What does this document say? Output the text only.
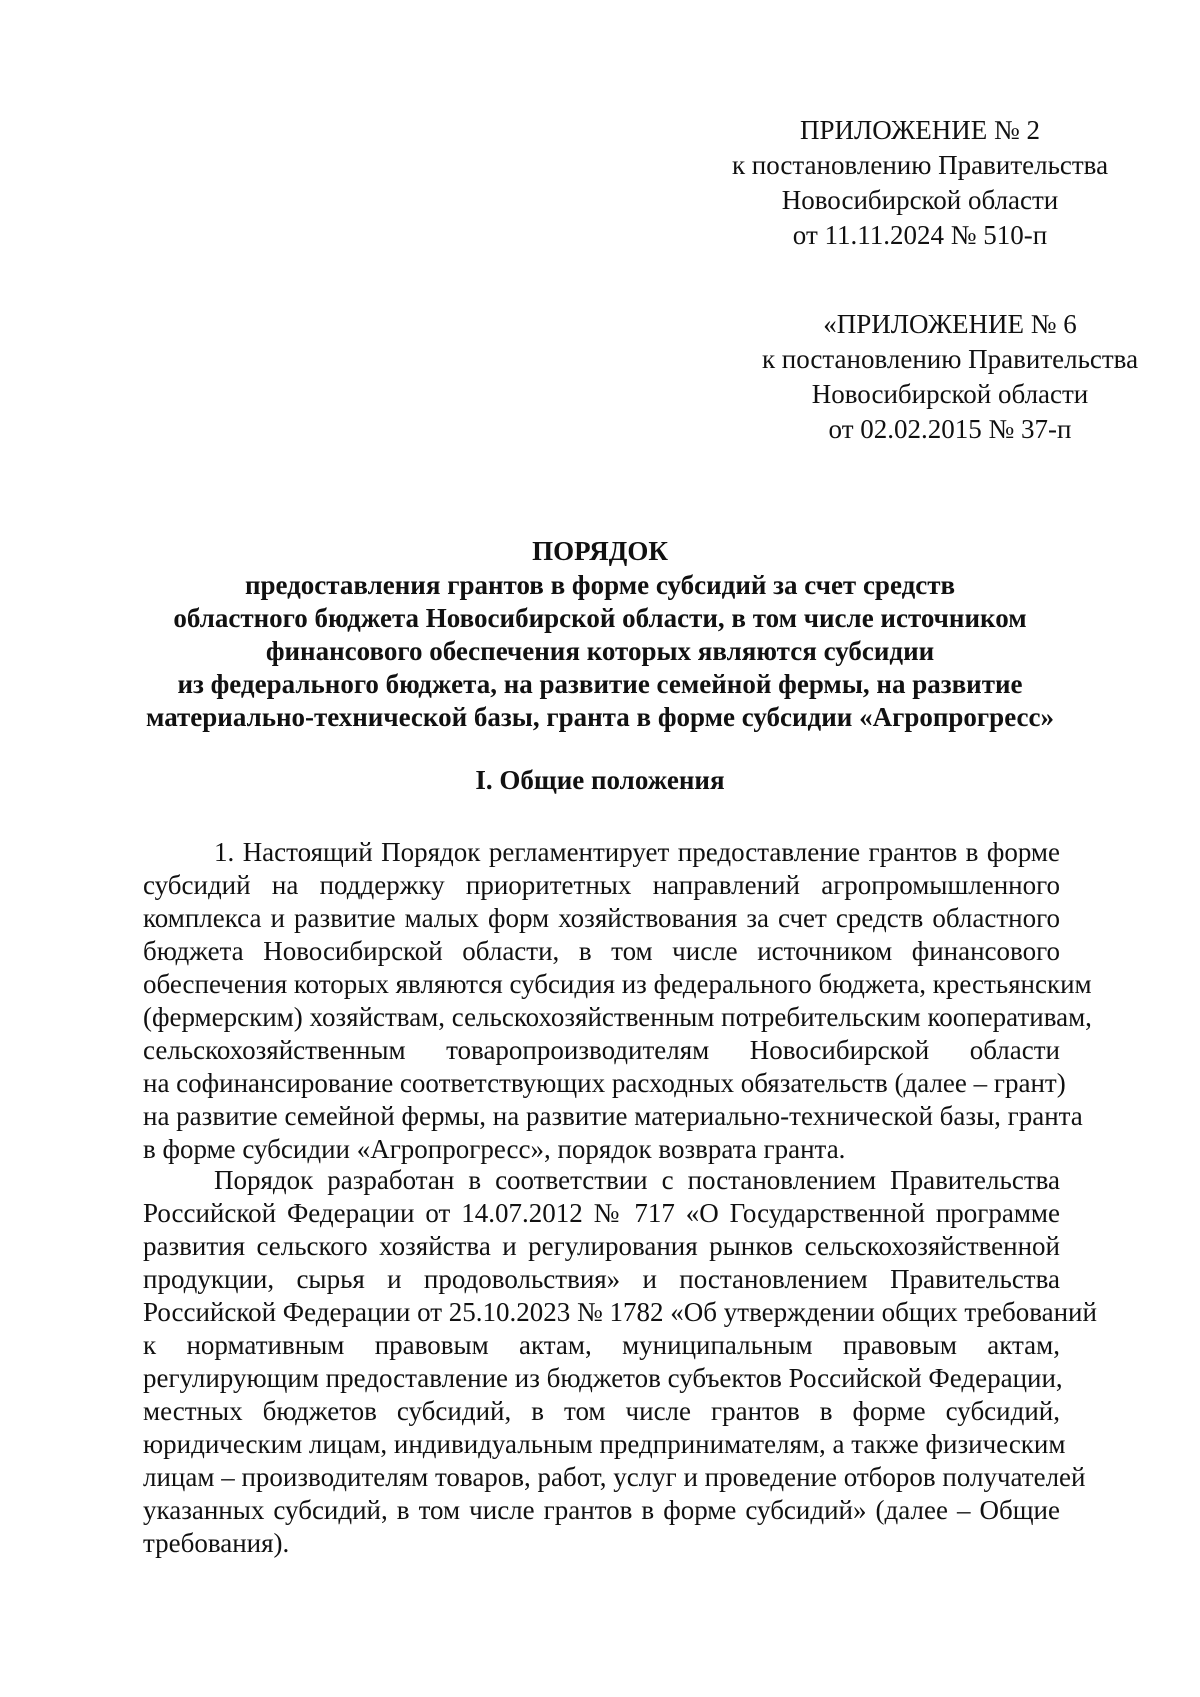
ПРИЛОЖЕНИЕ № 2
к постановлению Правительства
Новосибирской области
от 11.11.2024 № 510-п
«ПРИЛОЖЕНИЕ № 6
к постановлению Правительства
Новосибирской области
от 02.02.2015 № 37-п
ПОРЯДОК
предоставления грантов в форме субсидий за счет средств
областного бюджета Новосибирской области, в том числе источником
финансового обеспечения которых являются субсидии
из федерального бюджета, на развитие семейной фермы, на развитие
материально-технической базы, гранта в форме субсидии «Агропрогресс»
I. Общие положения
1. Настоящий Порядок регламентирует предоставление грантов в форме
субсидий на поддержку приоритетных направлений агропромышленного
комплекса и развитие малых форм хозяйствования за счет средств областного
бюджета Новосибирской области, в том числе источником финансового
обеспечения которых являются субсидия из федерального бюджета, крестьянским
(фермерским) хозяйствам, сельскохозяйственным потребительским кооперативам,
сельскохозяйственным товаропроизводителям Новосибирской области
на софинансирование соответствующих расходных обязательств (далее – грант)
на развитие семейной фермы, на развитие материально-технической базы, гранта
в форме субсидии «Агропрогресс», порядок возврата гранта.
Порядок разработан в соответствии с постановлением Правительства
Российской Федерации от 14.07.2012 № 717 «О Государственной программе
развития сельского хозяйства и регулирования рынков сельскохозяйственной
продукции, сырья и продовольствия» и постановлением Правительства
Российской Федерации от 25.10.2023 № 1782 «Об утверждении общих требований
к нормативным правовым актам, муниципальным правовым актам,
регулирующим предоставление из бюджетов субъектов Российской Федерации,
местных бюджетов субсидий, в том числе грантов в форме субсидий,
юридическим лицам, индивидуальным предпринимателям, а также физическим
лицам – производителям товаров, работ, услуг и проведение отборов получателей
указанных субсидий, в том числе грантов в форме субсидий» (далее – Общие
требования).
